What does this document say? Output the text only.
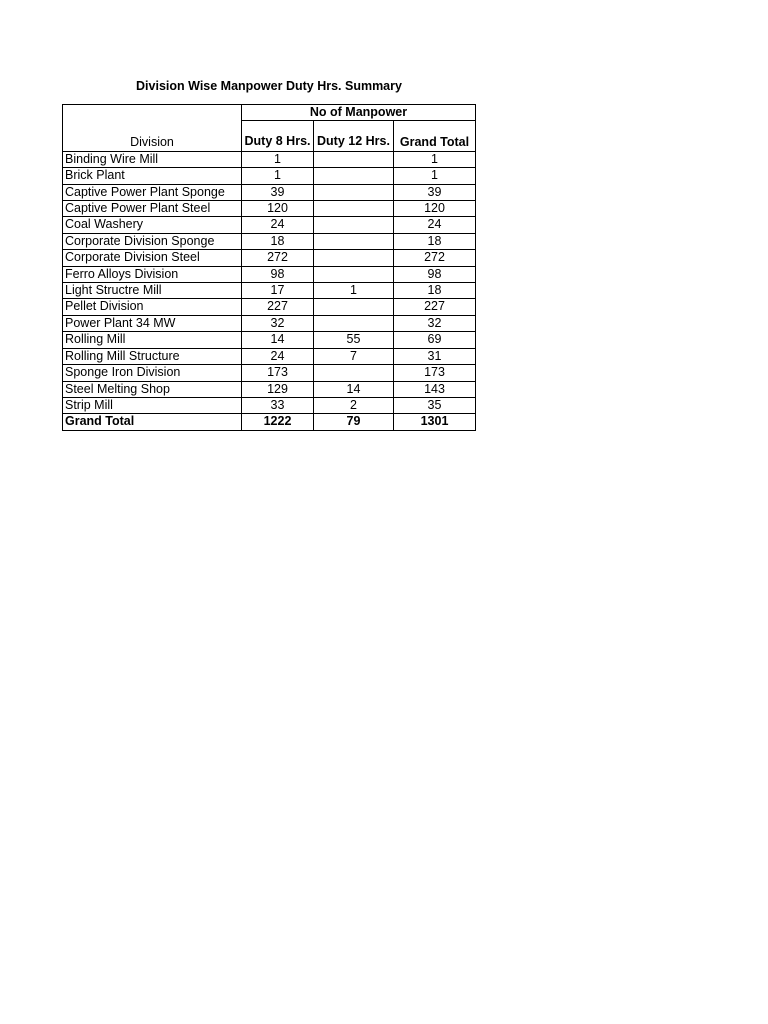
Division Wise Manpower Duty Hrs. Summary
Division	No of Manpower		
	Duty 8 Hrs.	Duty 12 Hrs.	Grand Total
Binding Wire Mill	1		1
Brick Plant	1		1
Captive Power Plant Sponge	39		39
Captive Power Plant Steel	120		120
Coal Washery	24		24
Corporate Division Sponge	18		18
Corporate Division Steel	272		272
Ferro Alloys Division	98		98
Light Structre Mill	17	1	18
Pellet Division	227		227
Power Plant 34 MW	32		32
Rolling Mill	14	55	69
Rolling Mill Structure	24	7	31
Sponge Iron Division	173		173
Steel Melting Shop	129	14	143
Strip Mill	33	2	35
Grand Total	1222	79	1301
